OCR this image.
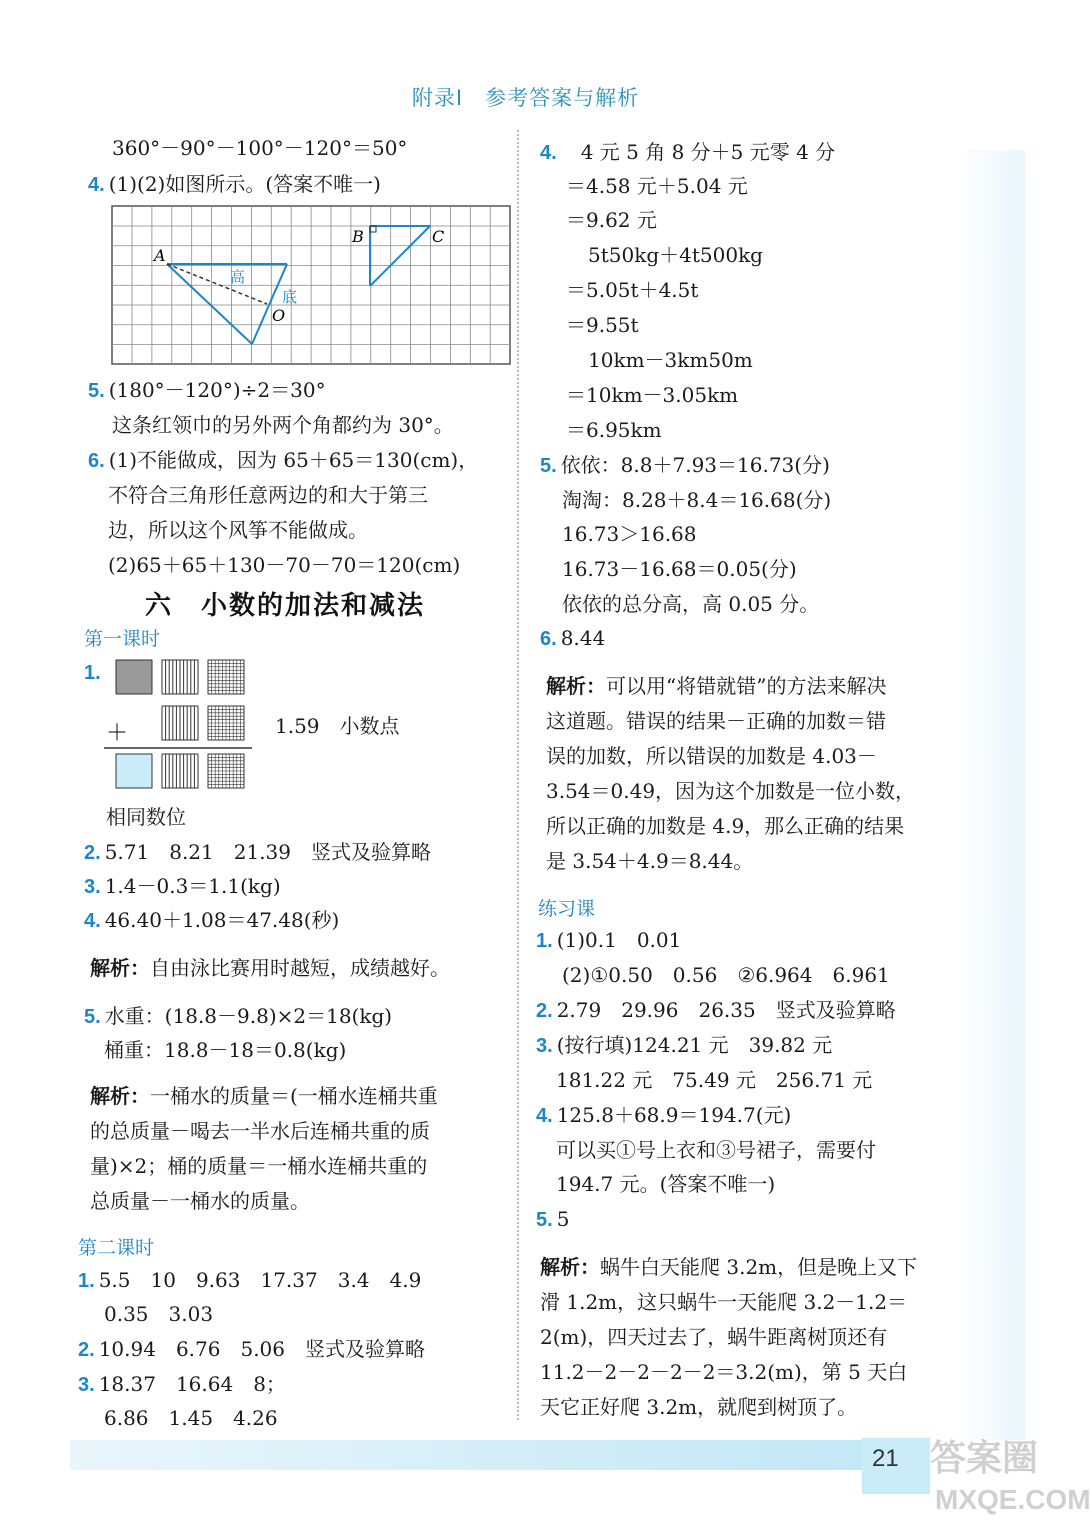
21 答案圈
MXQE.COM
附录Ⅰ　参考答案与解析
360°－90°－100°－120°＝50°
4. (1)(2)如图所示。(答案不唯一)
A
B	C
O
高
底
5. (180°－120°)÷2＝30°
这条红领巾的另外两个角都约为 30°。
6. (1)不能做成，因为 65＋65＝130(cm)，
不符合三角形任意两边的和大于第三
边，所以这个风筝不能做成。
(2)65＋65＋130－70－70＝120(cm)
六　小数的加法和减法
第一课时
1.
＋	1.59　小数点
相同数位
2. 5.71　8.21　21.39　竖式及验算略
3. 1.4－0.3＝1.1(kg)
4. 46.40＋1.08＝47.48(秒)
解析：自由泳比赛用时越短，成绩越好。
5. 水重：(18.8－9.8)×2＝18(kg)
桶重：18.8－18＝0.8(kg)
解析：一桶水的质量＝(一桶水连桶共重
的总质量－喝去一半水后连桶共重的质
量)×2；桶的质量＝一桶水连桶共重的
总质量－一桶水的质量。
第二课时
1. 5.5　10　9.63　17.37　3.4　4.9
0.35　3.03
2. 10.94　6.76　5.06　竖式及验算略
3. 18.37　16.64　8；
6.86　1.45　4.26
4. 4 元 5 角 8 分＋5 元零 4 分
＝4.58 元＋5.04 元
＝9.62 元
5t50kg＋4t500kg
＝5.05t＋4.5t
＝9.55t
10km－3km50m
＝10km－3.05km
＝6.95km
5. 依依：8.8＋7.93＝16.73(分)
淘淘：8.28＋8.4＝16.68(分)
16.73＞16.68
16.73－16.68＝0.05(分)
依依的总分高，高 0.05 分。
6. 8.44
解析：可以用“将错就错”的方法来解决
这道题。错误的结果－正确的加数＝错
误的加数，所以错误的加数是 4.03－
3.54＝0.49，因为这个加数是一位小数，
所以正确的加数是 4.9，那么正确的结果
是 3.54＋4.9＝8.44。
练习课
1. (1)0.1　0.01
(2)①0.50　0.56　②6.964　6.961
2. 2.79　29.96　26.35　竖式及验算略
3. (按行填)124.21 元　39.82 元
181.22 元　75.49 元　256.71 元
4. 125.8＋68.9＝194.7(元)
可以买①号上衣和③号裙子，需要付
194.7 元。(答案不唯一)
5. 5
解析：蜗牛白天能爬 3.2m，但是晚上又下
滑 1.2m，这只蜗牛一天能爬 3.2－1.2＝
2(m)，四天过去了，蜗牛距离树顶还有
11.2－2－2－2－2＝3.2(m)，第 5 天白
天它正好爬 3.2m，就爬到树顶了。
